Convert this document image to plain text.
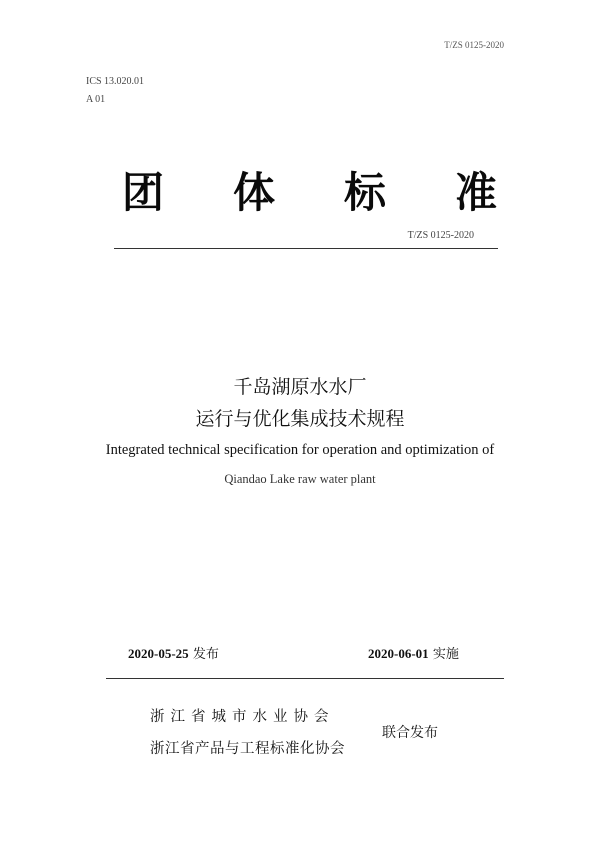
T/ZS 0125-2020
ICS 13.020.01
A 01
团 体 标 准
T/ZS 0125-2020
千岛湖原水水厂
运行与优化集成技术规程
Integrated technical specification for operation and optimization of
Qiandao Lake raw water plant
2020-05-25 发布	2020-06-01 实施
浙江省城市水业协会
浙江省产品与工程标准化协会
联合发布
